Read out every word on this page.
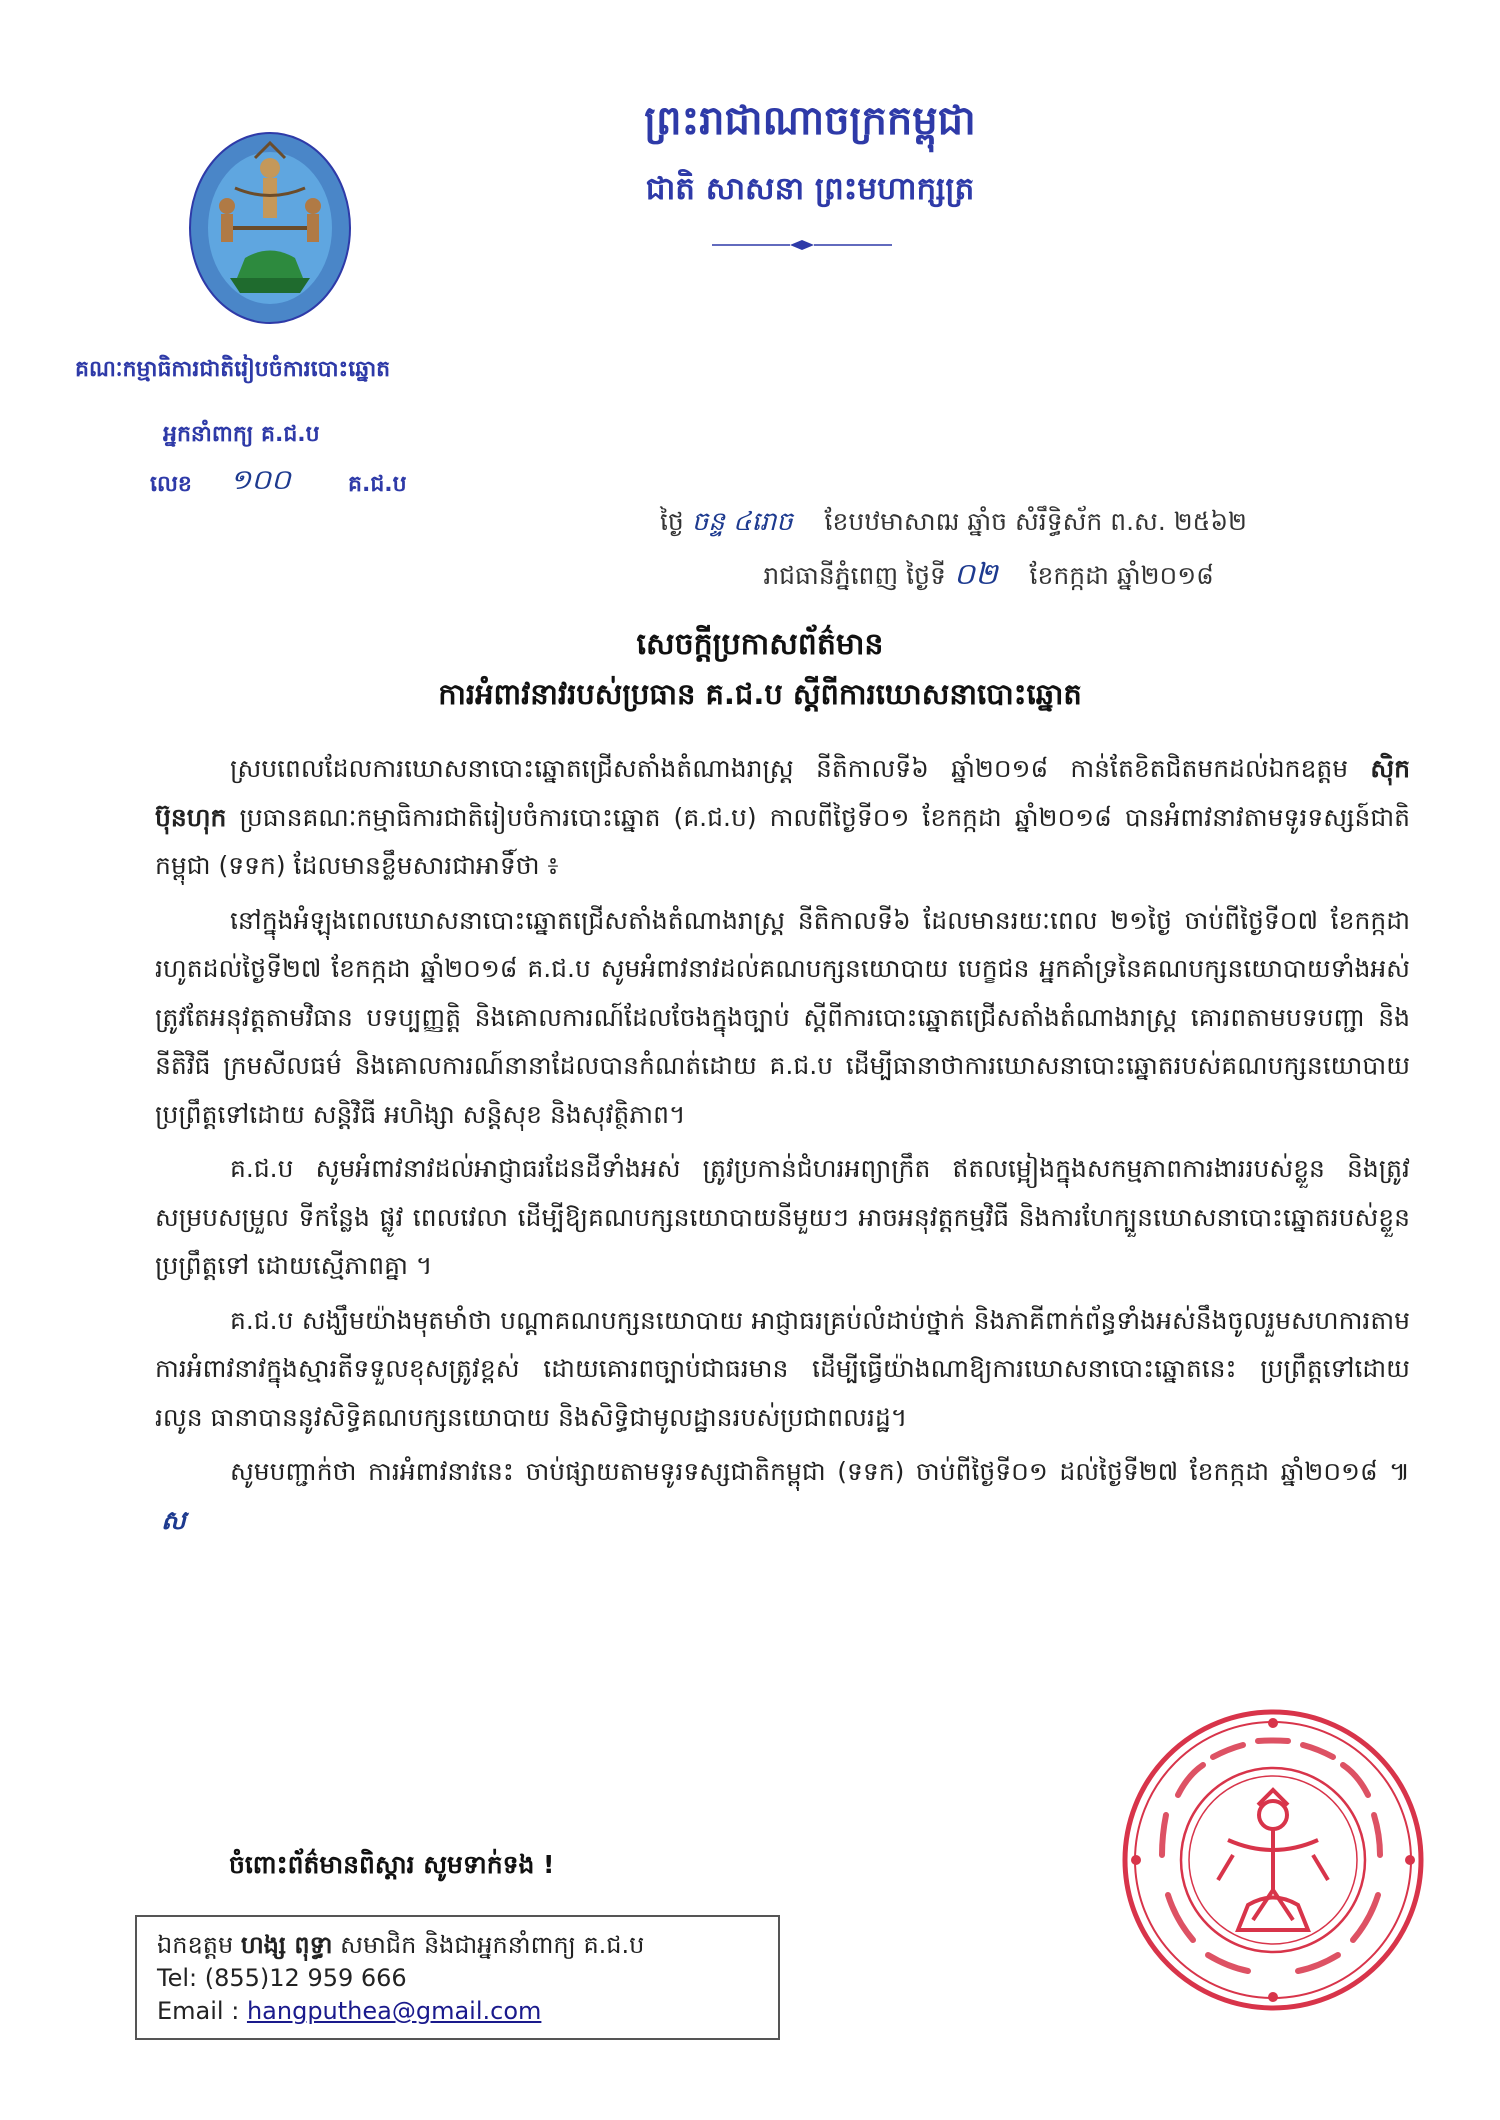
ព្រះរាជាណាចក្រកម្ពុជា
ជាតិ សាសនា ព្រះមហាក្សត្រ
គណៈកម្មាធិការជាតិរៀបចំការបោះឆ្នោត
អ្នកនាំពាក្យ គ.ជ.ប
លេខ ១០០	គ.ជ.ប
ថ្ងៃ ចន្ទ ៤រោច ខែបឋមាសាឍ ឆ្នាំច សំរឹទ្ធិស័ក ព.ស. ២៥៦២
រាជធានីភ្នំពេញ ថ្ងៃទី ០២ ខែកក្កដា ឆ្នាំ២០១៨
សេចក្តីប្រកាសព័ត៌មាន
ការអំពាវនាវរបស់ប្រធាន គ.ជ.ប ស្តីពីការឃោសនាបោះឆ្នោត

ស្របពេលដែលការឃោសនាបោះឆ្នោតជ្រើសតាំងតំណាងរាស្ត្រ នីតិកាលទី៦ ឆ្នាំ២០១៨ កាន់តែខិតជិតមកដល់ឯកឧត្តម ស៊ិក ប៊ុនហុក ប្រធានគណៈកម្មាធិការជាតិរៀបចំការបោះឆ្នោត (គ.ជ.ប) កាលពីថ្ងៃទី០១ ខែកក្កដា ឆ្នាំ២០១៨ បានអំពាវនាវតាមទូរទស្សន៍ជាតិកម្ពុជា (ទទក) ដែលមានខ្លឹមសារជាអាទិ៍ថា ៖

នៅក្នុងអំឡុងពេលឃោសនាបោះឆ្នោតជ្រើសតាំងតំណាងរាស្ត្រ នីតិកាលទី៦ ដែលមានរយៈពេល ២១ថ្ងៃ ចាប់ពីថ្ងៃទី០៧ ខែកក្កដា រហូតដល់ថ្ងៃទី២៧ ខែកក្កដា ឆ្នាំ២០១៨ គ.ជ.ប សូមអំពាវនាវដល់គណបក្សនយោបាយ បេក្ខជន អ្នកគាំទ្រនៃគណបក្សនយោបាយទាំងអស់ ត្រូវតែអនុវត្តតាមវិធាន បទប្បញ្ញត្តិ និងគោលការណ៍ដែលចែងក្នុងច្បាប់ ស្តីពីការបោះឆ្នោតជ្រើសតាំងតំណាងរាស្ត្រ គោរពតាមបទបញ្ជា និង នីតិវិធី ក្រមសីលធម៌ និងគោលការណ៍នានាដែលបានកំណត់ដោយ គ.ជ.ប ដើម្បីធានាថាការឃោសនាបោះឆ្នោតរបស់គណបក្សនយោបាយប្រព្រឹត្តទៅដោយ សន្តិវិធី អហិង្សា សន្តិសុខ និងសុវត្ថិភាព។

គ.ជ.ប សូមអំពាវនាវដល់អាជ្ញាធរដែនដីទាំងអស់ ត្រូវប្រកាន់ជំហរអព្យាក្រឹត ឥតលម្អៀងក្នុងសកម្មភាពការងាររបស់ខ្លួន និងត្រូវសម្របសម្រួល ទីកន្លែង ផ្លូវ ពេលវេលា ដើម្បីឱ្យគណបក្សនយោបាយនីមួយៗ អាចអនុវត្តកម្មវិធី និងការហែក្បួនឃោសនាបោះឆ្នោតរបស់ខ្លួនប្រព្រឹត្តទៅ ដោយស្មើភាពគ្នា ។

គ.ជ.ប សង្ឃឹមយ៉ាងមុតមាំថា បណ្តាគណបក្សនយោបាយ អាជ្ញាធរគ្រប់លំដាប់ថ្នាក់ និងភាគីពាក់ព័ន្ធទាំងអស់នឹងចូលរួមសហការតាមការអំពាវនាវក្នុងស្មារតីទទួលខុសត្រូវខ្ពស់ ដោយគោរពច្បាប់ជាធរមាន ដើម្បីធ្វើយ៉ាងណាឱ្យការឃោសនាបោះឆ្នោតនេះ ប្រព្រឹត្តទៅដោយរលូន ធានាបាននូវសិទ្ធិគណបក្សនយោបាយ និងសិទ្ធិជាមូលដ្ឋានរបស់ប្រជាពលរដ្ឋ។

សូមបញ្ជាក់ថា ការអំពាវនាវនេះ ចាប់ផ្សាយតាមទូរទស្សជាតិកម្ពុជា (ទទក) ចាប់ពីថ្ងៃទី០១ ដល់ថ្ងៃទី២៧ ខែកក្កដា ឆ្នាំ២០១៨ ៕ ស

ចំពោះព័ត៌មានពិស្តារ សូមទាក់ទង !
ឯកឧត្តម ហង្ស ពុទ្ធា សមាជិក និងជាអ្នកនាំពាក្យ គ.ជ.ប
Tel: (855)12 959 666
Email : hangputhea@gmail.com
